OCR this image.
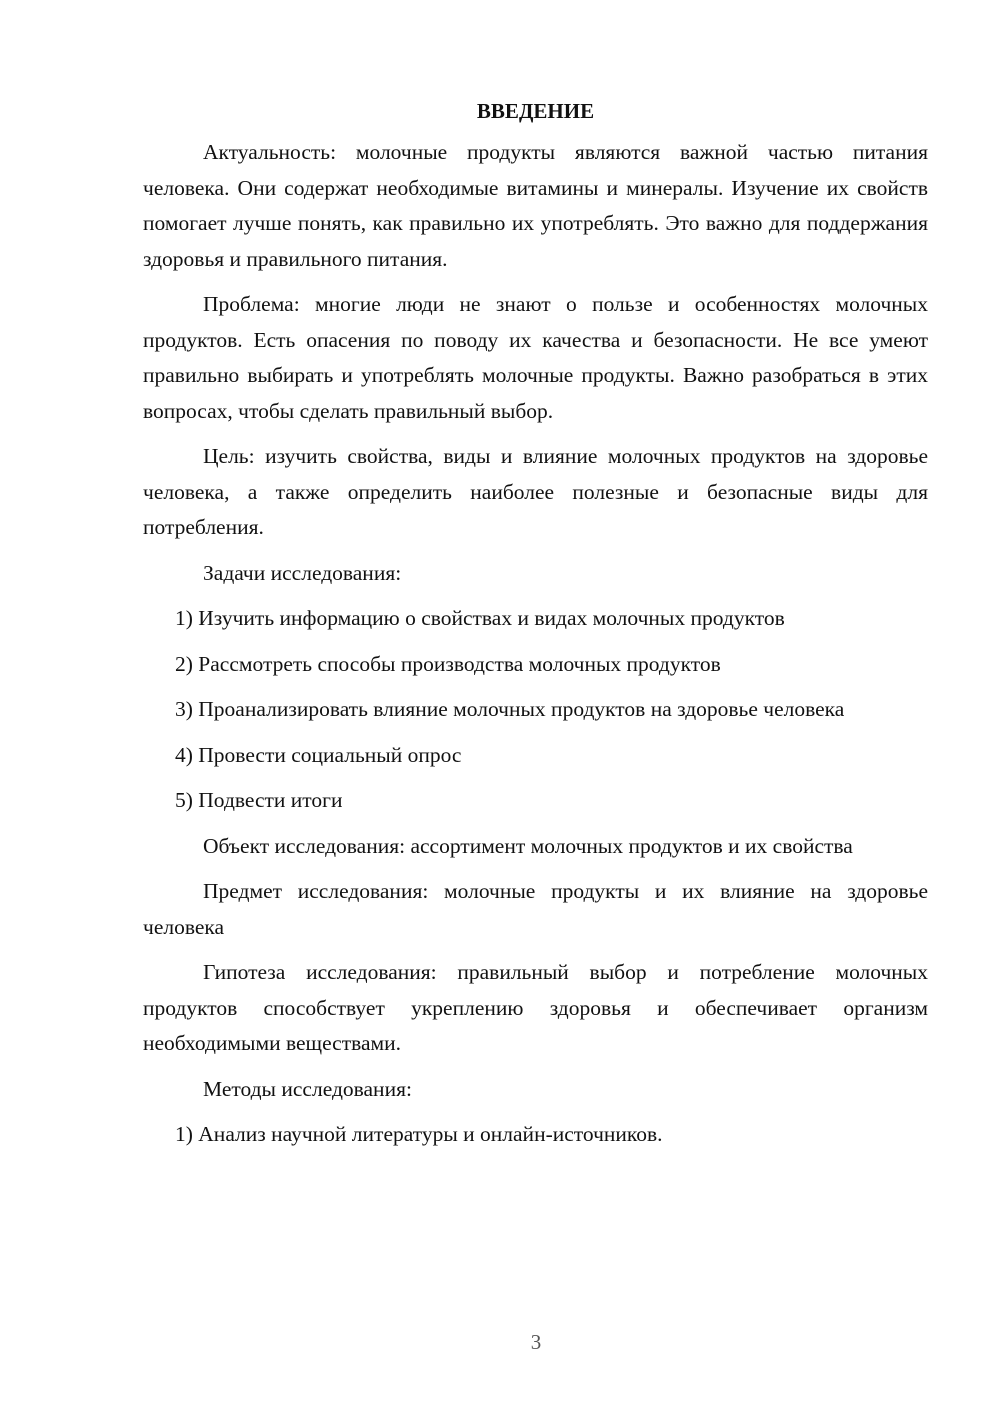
ВВЕДЕНИЕ

Актуальность: молочные продукты являются важной частью питания человека. Они содержат необходимые витамины и минералы. Изучение их свойств помогает лучше понять, как правильно их употреблять. Это важно для поддержания здоровья и правильного питания.

Проблема: многие люди не знают о пользе и особенностях молочных продуктов. Есть опасения по поводу их качества и безопасности. Не все умеют правильно выбирать и употреблять молочные продукты. Важно разобраться в этих вопросах, чтобы сделать правильный выбор.

Цель: изучить свойства, виды и влияние молочных продуктов на здоровье человека, а также определить наиболее полезные и безопасные виды для потребления.

Задачи исследования:

1) Изучить информацию о свойствах и видах молочных продуктов

2) Рассмотреть способы производства молочных продуктов

3) Проанализировать влияние молочных продуктов на здоровье человека

4) Провести социальный опрос

5) Подвести итоги

Объект исследования: ассортимент молочных продуктов и их свойства

Предмет исследования: молочные продукты и их влияние на здоровье человека

Гипотеза исследования: правильный выбор и потребление молочных продуктов способствует укреплению здоровья и обеспечивает организм необходимыми веществами.

Методы исследования:

1) Анализ научной литературы и онлайн-источников.

3
